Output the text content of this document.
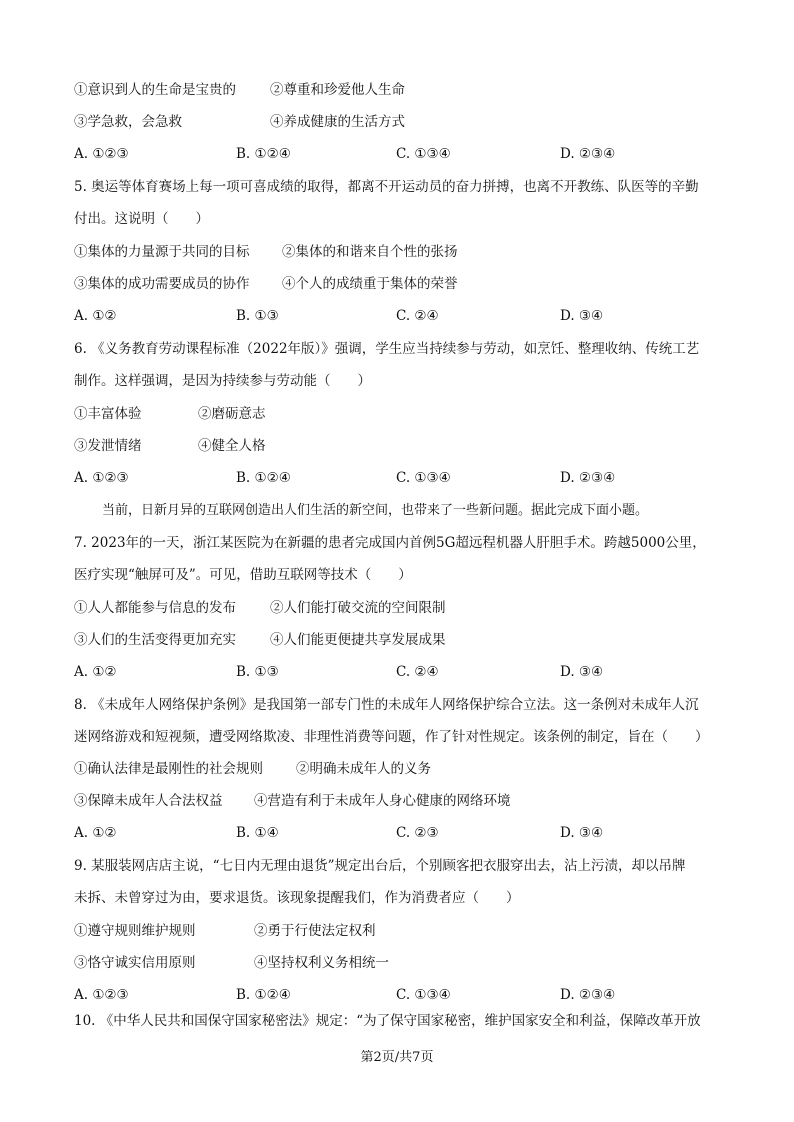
①意识到人的生命是宝贵的	②尊重和珍爱他人生命
③学急救，会急救	④养成健康的生活方式
A. ①②③	B. ①②④	C. ①③④	D. ②③④
5. 奥运等体育赛场上每一项可喜成绩的取得，都离不开运动员的奋力拼搏，也离不开教练、队医等的辛勤
付出。这说明（　　）
①集体的力量源于共同的目标 ②集体的和谐来自个性的张扬
③集体的成功需要成员的协作 ④个人的成绩重于集体的荣誉
A. ①②	B. ①③	C. ②④	D. ③④
6. 《义务教育劳动课程标准（2022年版）》强调，学生应当持续参与劳动，如烹饪、整理收纳、传统工艺
制作。这样强调，是因为持续参与劳动能（　　）
①丰富体验	②磨砺意志
③发泄情绪	④健全人格
A. ①②③	B. ①②④	C. ①③④	D. ②③④
当前，日新月异的互联网创造出人们生活的新空间，也带来了一些新问题。据此完成下面小题。
7. 2023年的一天，浙江某医院为在新疆的患者完成国内首例5G超远程机器人肝胆手术。跨越5000公里，
医疗实现“触屏可及”。可见，借助互联网等技术（　　）
①人人都能参与信息的发布	②人们能打破交流的空间限制
③人们的生活变得更加充实	④人们能更便捷共享发展成果
A. ①②	B. ①③	C. ②④	D. ③④
8. 《未成年人网络保护条例》是我国第一部专门性的未成年人网络保护综合立法。这一条例对未成年人沉
迷网络游戏和短视频，遭受网络欺凌、非理性消费等问题，作了针对性规定。该条例的制定，旨在（　　）
①确认法律是最刚性的社会规则 ②明确未成年人的义务
③保障未成年人合法权益 ④营造有利于未成年人身心健康的网络环境
A. ①②	B. ①④	C. ②③	D. ③④
9. 某服装网店店主说，“七日内无理由退货”规定出台后，个别顾客把衣服穿出去，沾上污渍，却以吊牌
未拆、未曾穿过为由，要求退货。该现象提醒我们，作为消费者应（　　）
①遵守规则维护规则	②勇于行使法定权利
③恪守诚实信用原则	④坚持权利义务相统一
A. ①②③	B. ①②④	C. ①③④	D. ②③④
10. 《中华人民共和国保守国家秘密法》规定：“为了保守国家秘密，维护国家安全和利益，保障改革开放
第2页/共7页
